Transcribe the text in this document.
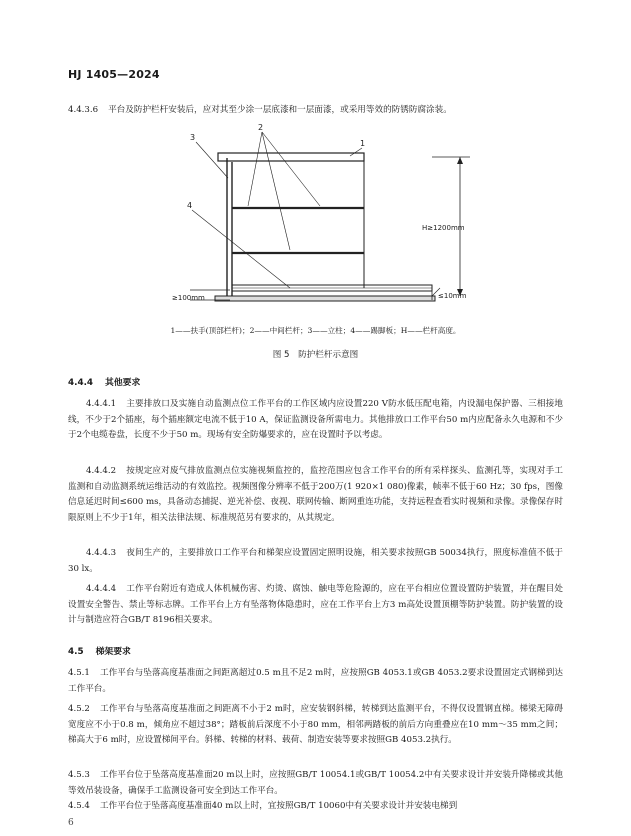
HJ 1405—2024
4.4.3.6 平台及防护栏杆安装后，应对其至少涂一层底漆和一层面漆，或采用等效的防锈防腐涂装。
H≥1200mm
≥100mm	≤10mm
2
3
4
1
1——扶手(顶部栏杆)；2——中间栏杆；3——立柱；4——踢脚板；H——栏杆高度。
图 5　防护栏杆示意图
4.4.4 其他要求
4.4.4.1 主要排放口及实施自动监测点位工作平台的工作区域内应设置220 V防水低压配电箱，内设漏电保护器、三相接地线，不少于2个插座，每个插座额定电流不低于10 A，保证监测设备所需电力。其他排放口工作平台50 m内应配备永久电源和不少于2个电缆卷盘，长度不少于50 m。现场有安全防爆要求的，应在设置时予以考虑。
4.4.4.2 按规定应对废气排放监测点位实施视频监控的，监控范围应包含工作平台的所有采样探头、监测孔等，实现对手工监测和自动监测系统运维活动的有效监控。视频图像分辨率不低于200万(1 920×1 080)像素，帧率不低于60 Hz；30 fps，图像信息延迟时间≤600 ms，具备动态捕捉、逆光补偿、夜视、联网传输、断网重连功能，支持远程查看实时视频和录像。录像保存时限原则上不少于1年，相关法律法规、标准规范另有要求的，从其规定。
4.4.4.3 夜间生产的，主要排放口工作平台和梯架应设置固定照明设施，相关要求按照GB 50034执行，照度标准值不低于30 lx。
4.4.4.4 工作平台附近有造成人体机械伤害、灼烫、腐蚀、触电等危险源的，应在平台相应位置设置防护装置，并在醒目处设置安全警告、禁止等标志牌。工作平台上方有坠落物体隐患时，应在工作平台上方3 m高处设置顶棚等防护装置。防护装置的设计与制造应符合GB/T 8196相关要求。
4.5 梯架要求
4.5.1 工作平台与坠落高度基准面之间距离超过0.5 m且不足2 m时，应按照GB 4053.1或GB 4053.2要求设置固定式钢梯到达工作平台。
4.5.2 工作平台与坠落高度基准面之间距离不小于2 m时，应安装钢斜梯，转梯到达监测平台，不得仅设置钢直梯。梯梁无障碍宽度应不小于0.8 m，倾角应不超过38°；踏板前后深度不小于80 mm，相邻两踏板的前后方向重叠应在10 mm～35 mm之间；梯高大于6 m时，应设置梯间平台。斜梯、转梯的材料、载荷、制造安装等要求按照GB 4053.2执行。
4.5.3 工作平台位于坠落高度基准面20 m以上时，应按照GB/T 10054.1或GB/T 10054.2中有关要求设计并安装升降梯或其他等效吊装设备，确保手工监测设备可安全到达工作平台。
4.5.4 工作平台位于坠落高度基准面40 m以上时，宜按照GB/T 10060中有关要求设计并安装电梯到
6
